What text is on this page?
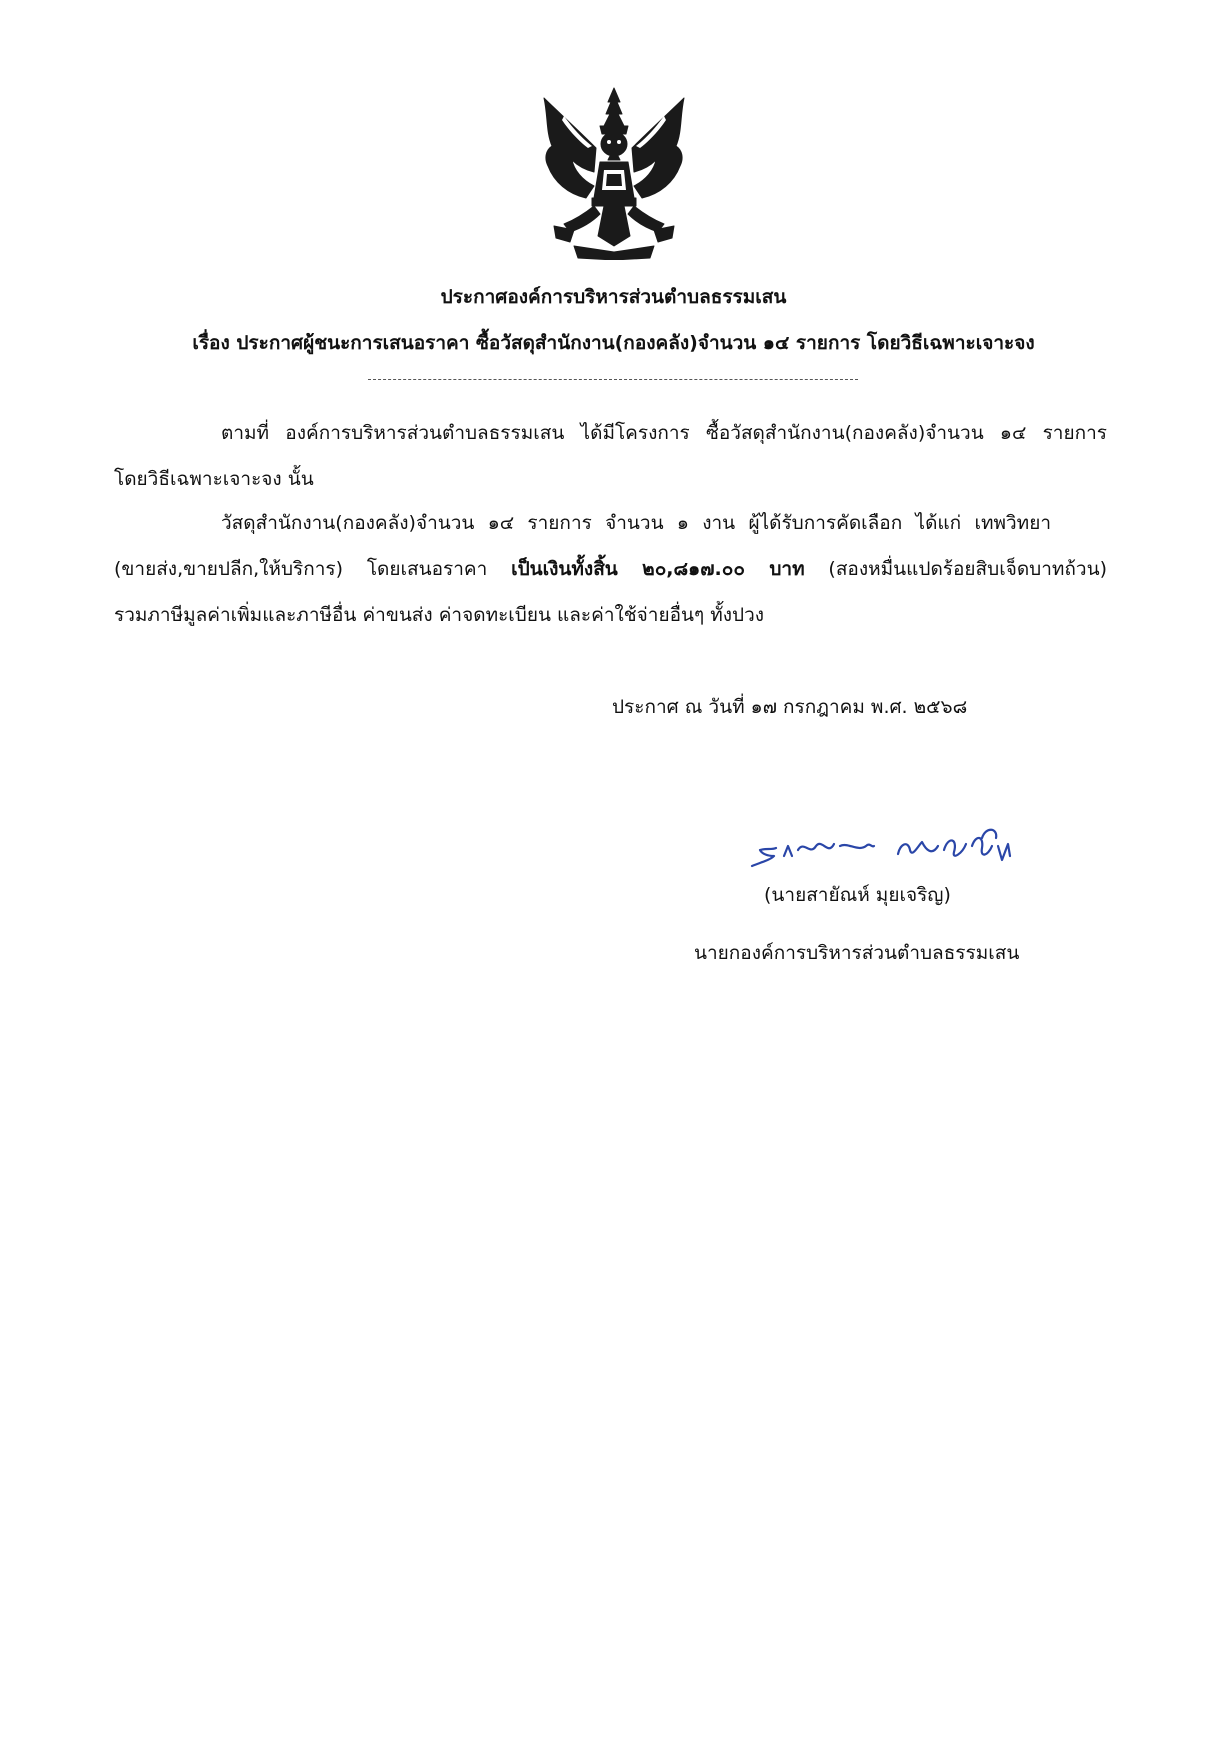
ประกาศองค์การบริหารส่วนตำบลธรรมเสน
เรื่อง ประกาศผู้ชนะการเสนอราคา ซื้อวัสดุสำนักงาน(กองคลัง)จำนวน ๑๔ รายการ โดยวิธีเฉพาะเจาะจง
ตามที่ องค์การบริหารส่วนตำบลธรรมเสน ได้มีโครงการ ซื้อวัสดุสำนักงาน(กองคลัง)จำนวน ๑๔ รายการ
โดยวิธีเฉพาะเจาะจง นั้น
วัสดุสำนักงาน(กองคลัง)จำนวน ๑๔ รายการ จำนวน ๑ งาน ผู้ได้รับการคัดเลือก ได้แก่ เทพวิทยา
(ขายส่ง,ขายปลีก,ให้บริการ) โดยเสนอราคา เป็นเงินทั้งสิ้น ๒๐,๘๑๗.๐๐ บาท (สองหมื่นแปดร้อยสิบเจ็ดบาทถ้วน)
รวมภาษีมูลค่าเพิ่มและภาษีอื่น ค่าขนส่ง ค่าจดทะเบียน และค่าใช้จ่ายอื่นๆ ทั้งปวง
ประกาศ ณ วันที่ ๑๗ กรกฎาคม พ.ศ. ๒๕๖๘
(นายสายัณห์ มุยเจริญ)
นายกองค์การบริหารส่วนตำบลธรรมเสน
